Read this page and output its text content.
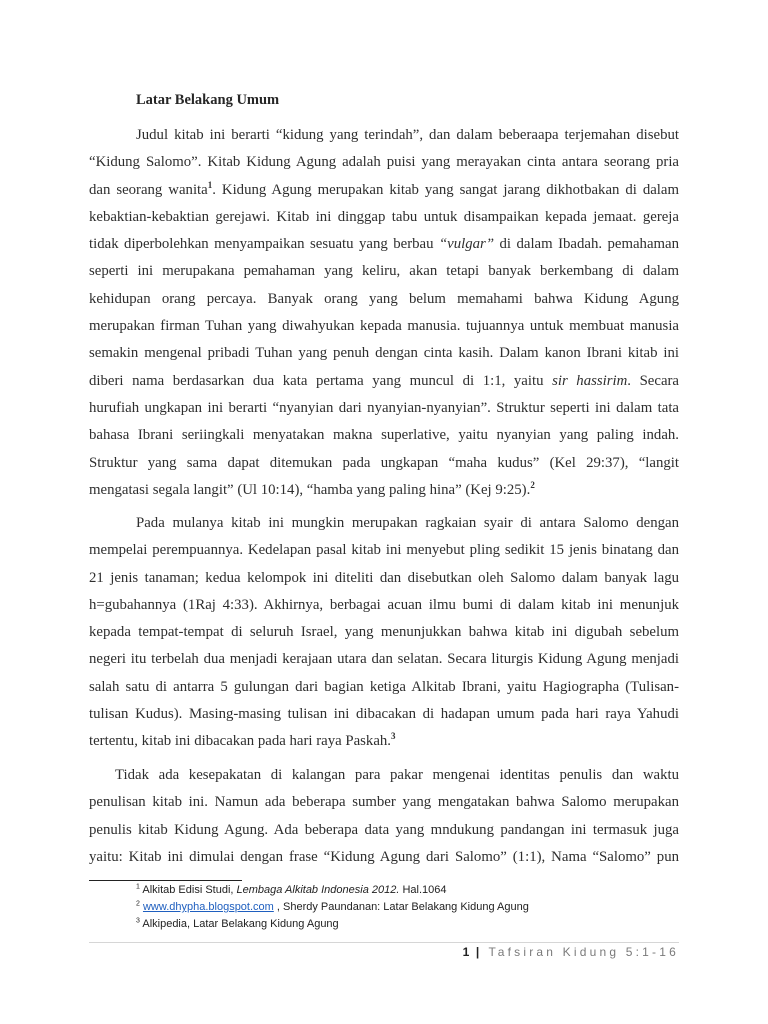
Latar Belakang Umum
Judul kitab ini berarti “kidung yang terindah”, dan dalam beberaapa terjemahan disebut
“Kidung Salomo”. Kitab Kidung Agung adalah puisi yang merayakan cinta antara seorang pria
dan seorang wanita$^1$. Kidung Agung merupakan kitab yang sangat jarang dikhotbakan di dalam
kebaktian-kebaktian gerejawi. Kitab ini dinggap tabu untuk disampaikan kepada jemaat. gereja
tidak diperbolehkan menyampaikan sesuatu yang berbau “vulgar” di dalam Ibadah. pemahaman
seperti ini merupakana pemahaman yang keliru, akan tetapi banyak berkembang di dalam
kehidupan orang percaya. Banyak orang yang belum memahami bahwa Kidung Agung
merupakan firman Tuhan yang diwahyukan kepada manusia. tujuannya untuk membuat manusia
semakin mengenal pribadi Tuhan yang penuh dengan cinta kasih. Dalam kanon Ibrani kitab ini
diberi nama berdasarkan dua kata pertama yang muncul di 1:1, yaitu sir hassirim. Secara
hurufiah ungkapan ini berarti “nyanyian dari nyanyian-nyanyian”. Struktur seperti ini dalam tata
bahasa Ibrani seriingkali menyatakan makna superlative, yaitu nyanyian yang paling indah.
Struktur yang sama dapat ditemukan pada ungkapan “maha kudus” (Kel 29:37), “langit
mengatasi segala langit” (Ul 10:14), “hamba yang paling hina” (Kej 9:25).$^2$
Pada mulanya kitab ini mungkin merupakan ragkaian syair di antara Salomo dengan
mempelai perempuannya. Kedelapan pasal kitab ini menyebut pling sedikit 15 jenis binatang dan
21 jenis tanaman; kedua kelompok ini diteliti dan disebutkan oleh Salomo dalam banyak lagu
h=gubahannya (1Raj 4:33). Akhirnya, berbagai acuan ilmu bumi di dalam kitab ini menunjuk
kepada tempat-tempat di seluruh Israel, yang menunjukkan bahwa kitab ini digubah sebelum
negeri itu terbelah dua menjadi kerajaan utara dan selatan. Secara liturgis Kidung Agung menjadi
salah satu di antarra 5 gulungan dari bagian ketiga Alkitab Ibrani, yaitu Hagiographa (Tulisan-
tulisan Kudus). Masing-masing tulisan ini dibacakan di hadapan umum pada hari raya Yahudi
tertentu, kitab ini dibacakan pada hari raya Paskah.$^3$
Tidak ada kesepakatan di kalangan para pakar mengenai identitas penulis dan waktu
penulisan kitab ini. Namun ada beberapa sumber yang mengatakan bahwa Salomo merupakan
penulis kitab Kidung Agung. Ada beberapa data yang mndukung pandangan ini termasuk juga
yaitu: Kitab ini dimulai dengan frase “Kidung Agung dari Salomo” (1:1), Nama “Salomo” pun
$^1$ Alkitab Edisi Studi, Lembaga Alkitab Indonesia 2012. Hal.1064
$^2$ www.dhypha.blogspot.com , Sherdy Paundanan: Latar Belakang Kidung Agung
$^3$ Alkipedia, Latar Belakang Kidung Agung
1 | Tafsiran Kidung 5:1-16
